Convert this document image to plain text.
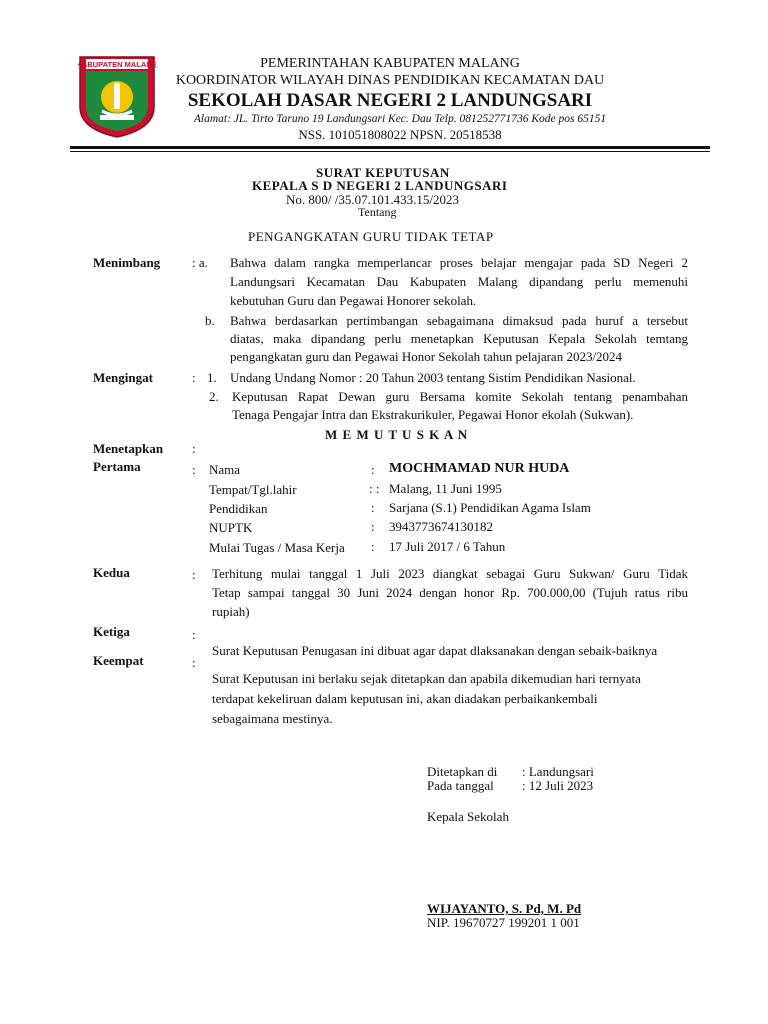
KABUPATEN MALANG	PEMERINTAHAN KABUPATEN MALANG
KOORDINATOR WILAYAH DINAS PENDIDIKAN KECAMATAN DAU
SEKOLAH DASAR NEGERI 2 LANDUNGSARI
Alamat: JL. Tirto Taruno 19 Landungsari Kec. Dau Telp. 081252771736 Kode pos 65151
NSS. 101051808022 NPSN. 20518538
SURAT KEPUTUSAN
KEPALA S D NEGERI 2 LANDUNGSARI
No. 800/ /35.07.101.433.15/2023
Tentang
PENGANGKATAN GURU TIDAK TETAP
Menimbang : a. Bahwa dalam rangka memperlancar proses belajar mengajar pada SD Negeri 2
Landungsari Kecamatan Dau Kabupaten Malang dipandang perlu memenuhi
kebutuhan Guru dan Pegawai Honorer sekolah.
b. Bahwa berdasarkan pertimbangan sebagaimana dimaksud pada huruf a tersebut
diatas, maka dipandang perlu menetapkan Keputusan Kepala Sekolah temtang
pengangkatan guru dan Pegawai Honor Sekolah tahun pelajaran 2023/2024
Mengingat	: 1. Undang Undang Nomor : 20 Tahun 2003 tentang Sistim Pendidikan Nasional.
2. Keputusan Rapat Dewan guru Bersama komite Sekolah tentang penambahan
Tenaga Pengajar Intra dan Ekstrakurikuler, Pegawai Honor ekolah (Sukwan).
M E M U T U S K A N
Menetapkan :
Pertama	: Nama	: MOCHMAMAD NUR HUDA
Tempat/Tgl.lahir	: : Malang, 11 Juni 1995
Pendidikan	: Sarjana (S.1) Pendidikan Agama Islam
NUPTK	: 3943773674130182
Mulai Tugas / Masa Kerja : 17 Juli 2017 / 6 Tahun
Kedua	: Terhitung mulai tanggal 1 Juli 2023 diangkat sebagai Guru Sukwan/ Guru Tidak
Tetap sampai tanggal 30 Juni 2024 dengan honor Rp. 700.000,00 (Tujuh ratus ribu
rupiah)
Ketiga	:
Keempat	:
Surat Keputusan Penugasan ini dibuat agar dapat dlaksanakan dengan sebaik-baiknya
Surat Keputusan ini berlaku sejak ditetapkan dan apabila dikemudian hari ternyata
terdapat kekeliruan dalam keputusan ini, akan diadakan perbaikankembali
sebagaimana mestinya.
Ditetapkan di : Landungsari
Pada tanggal : 12 Juli 2023
Kepala Sekolah
WIJAYANTO, S. Pd, M. Pd
NIP. 19670727 199201 1 001
